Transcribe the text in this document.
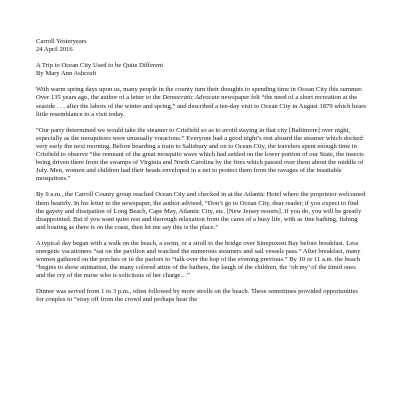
Carroll Yesteryears
24 April 2016
A Trip to Ocean City Used to be Quite Different
By Mary Ann Ashcraft

With warm spring days upon us, many people in the county turn their thoughts to spending time in Ocean City this summer. Over 135 years ago, the author of a letter to the Democratic Advocate newspaper felt “the need of a short recreation at the seaside . . . after the labors of the winter and spring,” and described a ten-day visit to Ocean City in August 1879 which bears little resemblance to a visit today.

“Our party determined we would take the steamer to Crisfield so as to avoid staying in that city [Baltimore] over night, especially as the mosquitoes were unusually voracious.” Everyone had a good night’s rest aboard the steamer which docked very early the next morning. Before boarding a train to Salisbury and on to Ocean City, the travelers spent enough time in Crisfield to observe “the remnant of the great mosquito wave which had settled on the lower portion of our State, the insects being driven there from the swamps of Virginia and North Carolina by the fires which passed over them about the middle of July. Men, women and children had their heads enveloped in a net to protect them from the ravages of the insatiable mosquitoes.”

By 9 a.m., the Carroll County group reached Ocean City and checked in at the Atlantic Hotel where the proprietor welcomed them heartily. In his letter to the newspaper, the author advised, “Don’t go to Ocean City, dear reader, if you expect to find the gayety and dissipation of Long Beach, Cape May, Atlantic City, etc. [New Jersey resorts]. If you do, you will be greatly disappointed. But if you want quiet rest and thorough relaxation from the cares of a busy life, with as fine bathing, fishing and boating as there is on the coast, then let me say this is the place.”

A typical day began with a walk on the beach, a swim, or a stroll to the bridge over Sinepuxent Bay before breakfast. Less energetic vacationers “sat on the pavilion and watched the numerous steamers and sail vessels pass.” After breakfast, many women gathered on the porches or in the parlors to “talk over the hop of the evening previous.” By 10 or 11 a.m. the beach “begins to show animation, the many colored attire of the bathers, the laugh of the children, the ‘oh my’ of the timid ones and the cry of the nurse who is solicitous of her charge…”

Dinner was served from 1 to 3 p.m., often followed by more strolls on the beach. These sometimes provided opportunities for couples to “stray off from the crowd and perhaps hear the
